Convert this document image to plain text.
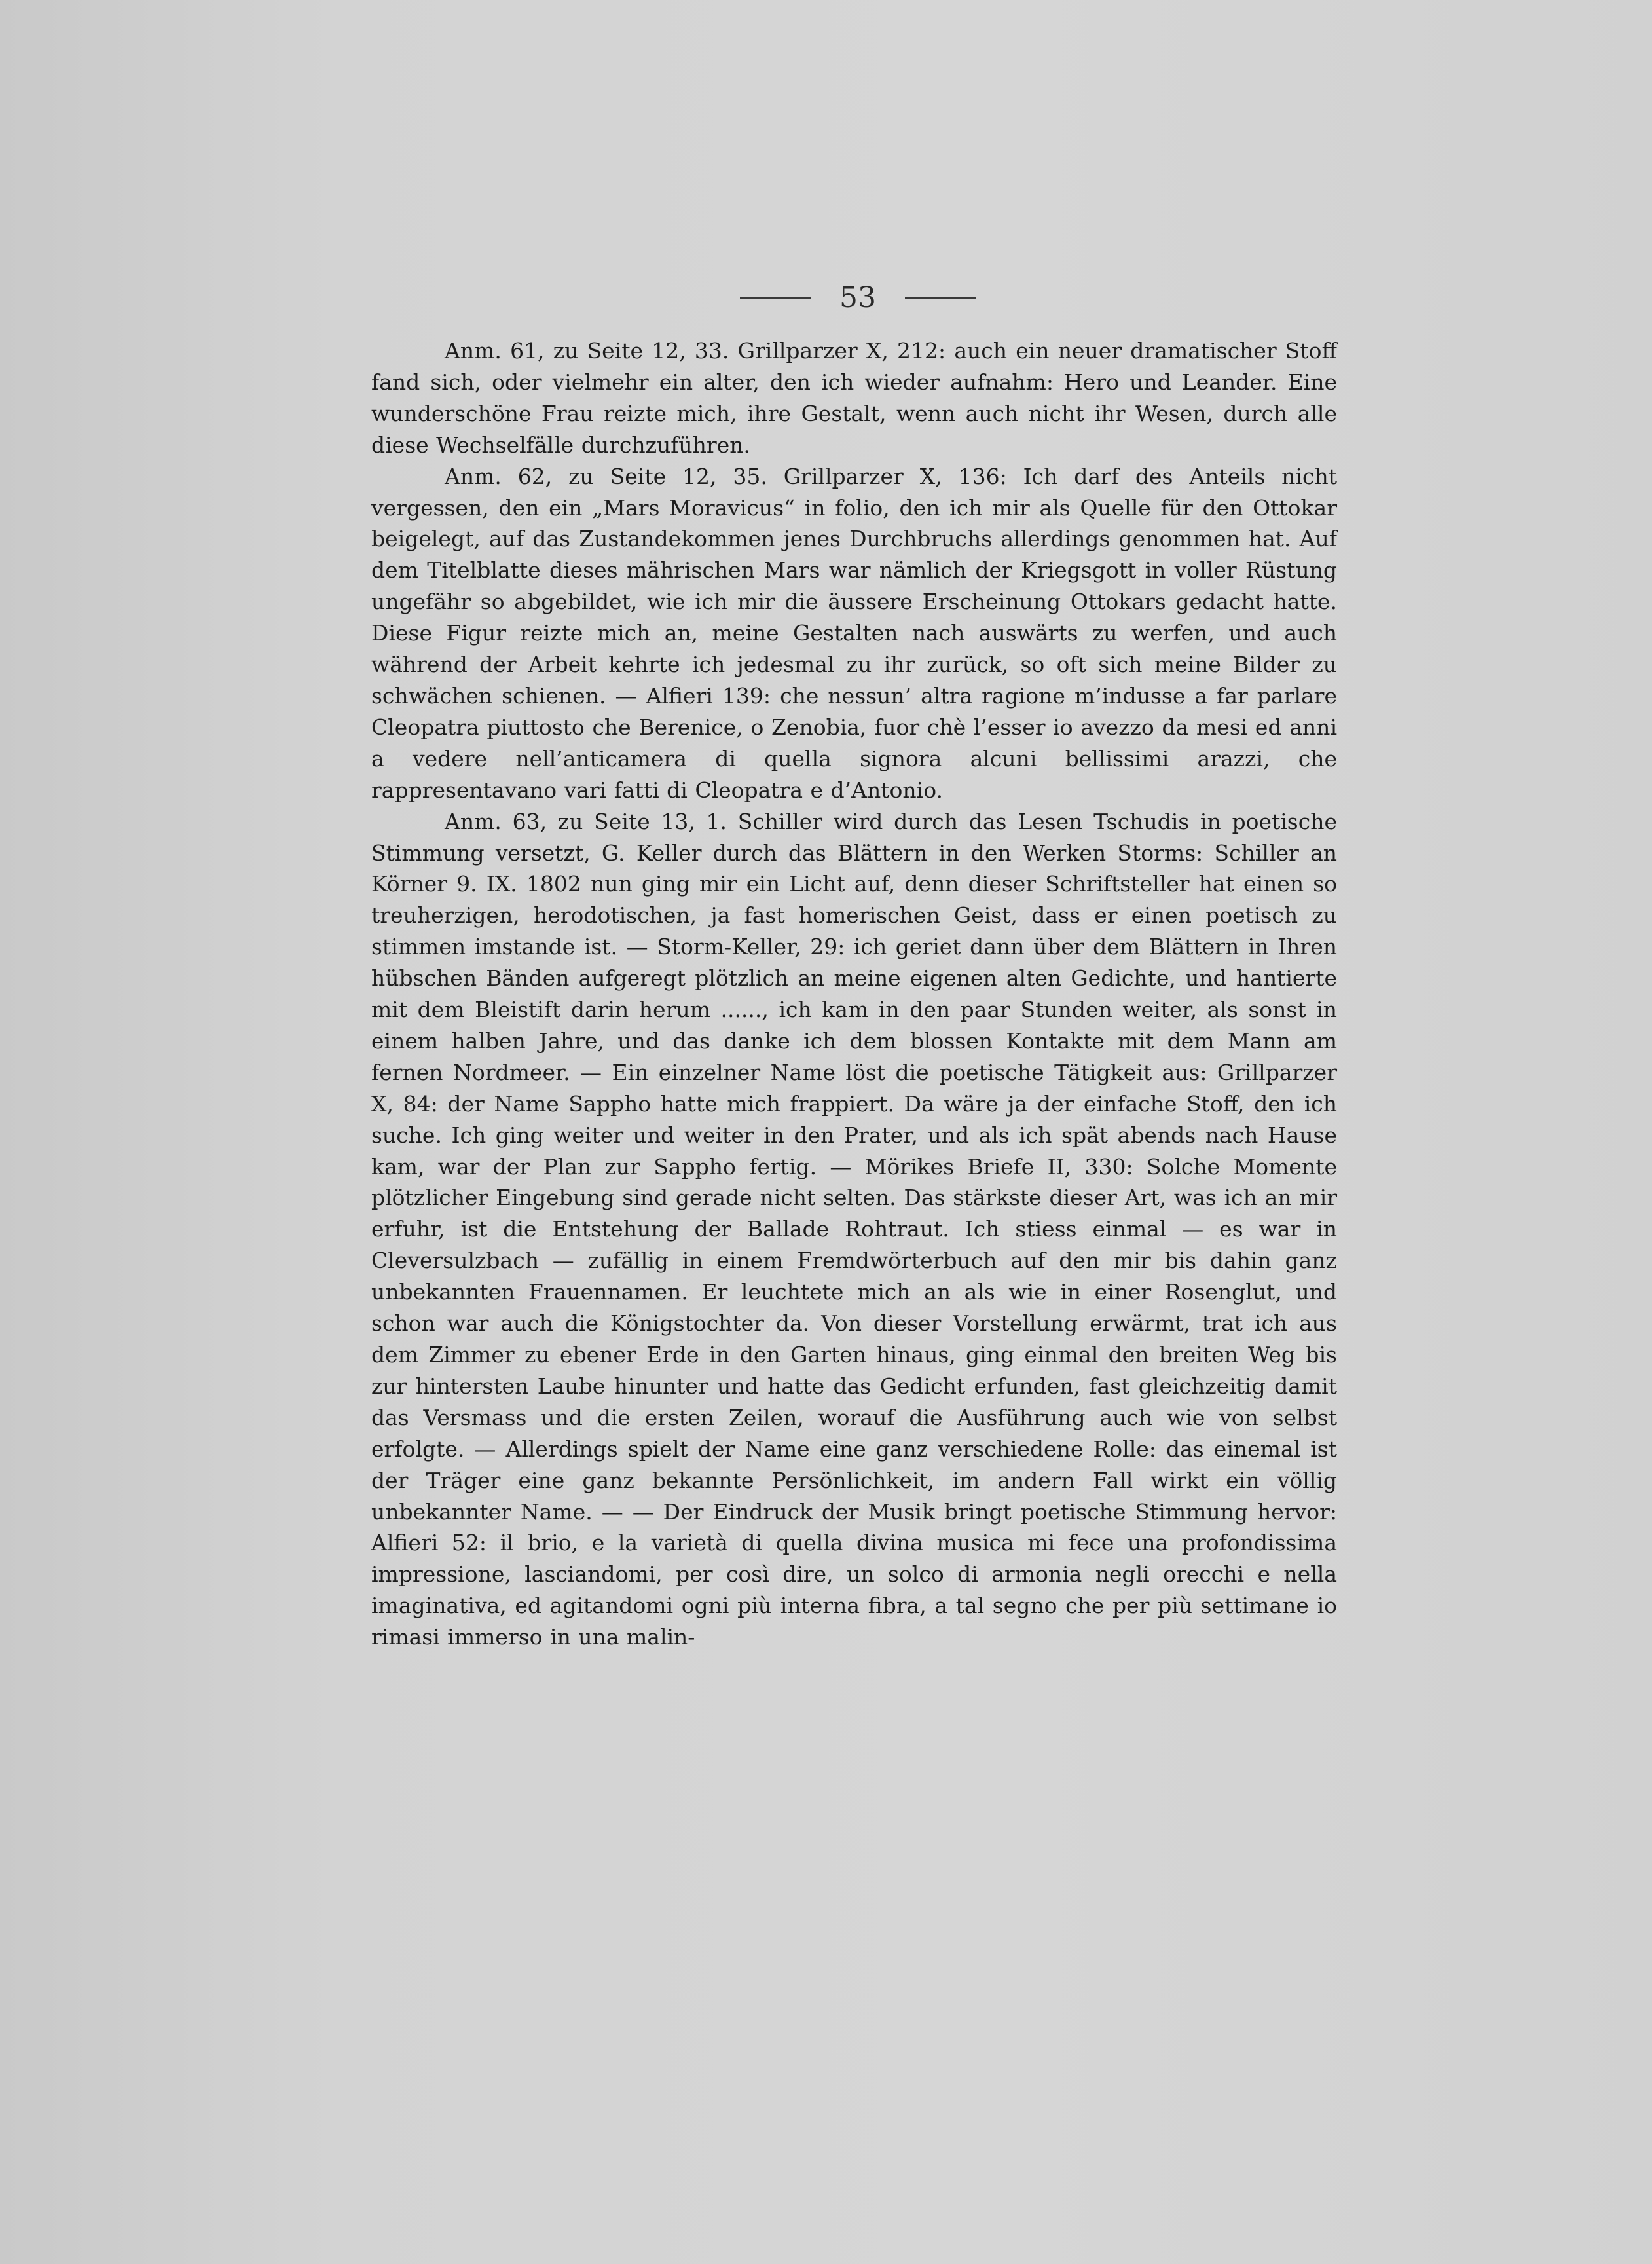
53

Anm. 61, zu Seite 12, 33. Grillparzer X, 212: auch ein neuer dramatischer Stoff fand sich, oder vielmehr ein alter, den ich wieder aufnahm: Hero und Leander. Eine wunderschöne Frau reizte mich, ihre Gestalt, wenn auch nicht ihr Wesen, durch alle diese Wechselfälle durchzuführen.

Anm. 62, zu Seite 12, 35. Grillparzer X, 136: Ich darf des Anteils nicht vergessen, den ein „Mars Moravicus“ in folio, den ich mir als Quelle für den Ottokar beigelegt, auf das Zustandekommen jenes Durchbruchs allerdings genommen hat. Auf dem Titelblatte dieses mährischen Mars war nämlich der Kriegsgott in voller Rüstung ungefähr so abgebildet, wie ich mir die äussere Erscheinung Ottokars gedacht hatte. Diese Figur reizte mich an, meine Gestalten nach auswärts zu werfen, und auch während der Arbeit kehrte ich jedesmal zu ihr zurück, so oft sich meine Bilder zu schwächen schienen. — Alfieri 139: che nessun’ altra ragione m’indusse a far parlare Cleopatra piuttosto che Berenice, o Zenobia, fuor chè l’esser io avezzo da mesi ed anni a vedere nell’anticamera di quella signora alcuni bellissimi arazzi, che rappresentavano vari fatti di Cleopatra e d’Antonio.

Anm. 63, zu Seite 13, 1. Schiller wird durch das Lesen Tschudis in poetische Stimmung versetzt, G. Keller durch das Blättern in den Werken Storms: Schiller an Körner 9. IX. 1802 nun ging mir ein Licht auf, denn dieser Schriftsteller hat einen so treuherzigen, herodotischen, ja fast homerischen Geist, dass er einen poetisch zu stimmen imstande ist. — Storm-Keller, 29: ich geriet dann über dem Blättern in Ihren hübschen Bänden aufgeregt plötzlich an meine eigenen alten Gedichte, und hantierte mit dem Bleistift darin herum ......, ich kam in den paar Stunden weiter, als sonst in einem halben Jahre, und das danke ich dem blossen Kontakte mit dem Mann am fernen Nordmeer. — Ein einzelner Name löst die poetische Tätigkeit aus: Grillparzer X, 84: der Name Sappho hatte mich frappiert. Da wäre ja der einfache Stoff, den ich suche. Ich ging weiter und weiter in den Prater, und als ich spät abends nach Hause kam, war der Plan zur Sappho fertig. — Mörikes Briefe II, 330: Solche Momente plötzlicher Eingebung sind gerade nicht selten. Das stärkste dieser Art, was ich an mir erfuhr, ist die Entstehung der Ballade Rohtraut. Ich stiess einmal — es war in Cleversulzbach — zufällig in einem Fremdwörterbuch auf den mir bis dahin ganz unbekannten Frauennamen. Er leuchtete mich an als wie in einer Rosenglut, und schon war auch die Königstochter da. Von dieser Vorstellung erwärmt, trat ich aus dem Zimmer zu ebener Erde in den Garten hinaus, ging einmal den breiten Weg bis zur hintersten Laube hinunter und hatte das Gedicht erfunden, fast gleichzeitig damit das Versmass und die ersten Zeilen, worauf die Ausführung auch wie von selbst erfolgte. — Allerdings spielt der Name eine ganz verschiedene Rolle: das einemal ist der Träger eine ganz bekannte Persönlichkeit, im andern Fall wirkt ein völlig unbekannter Name. — — Der Eindruck der Musik bringt poetische Stimmung hervor: Alfieri 52: il brio, e la varietà di quella divina musica mi fece una profondissima impressione, lasciandomi, per così dire, un solco di armonia negli orecchi e nella imaginativa, ed agitandomi ogni più interna fibra, a tal segno che per più settimane io rimasi immerso in una malin-
